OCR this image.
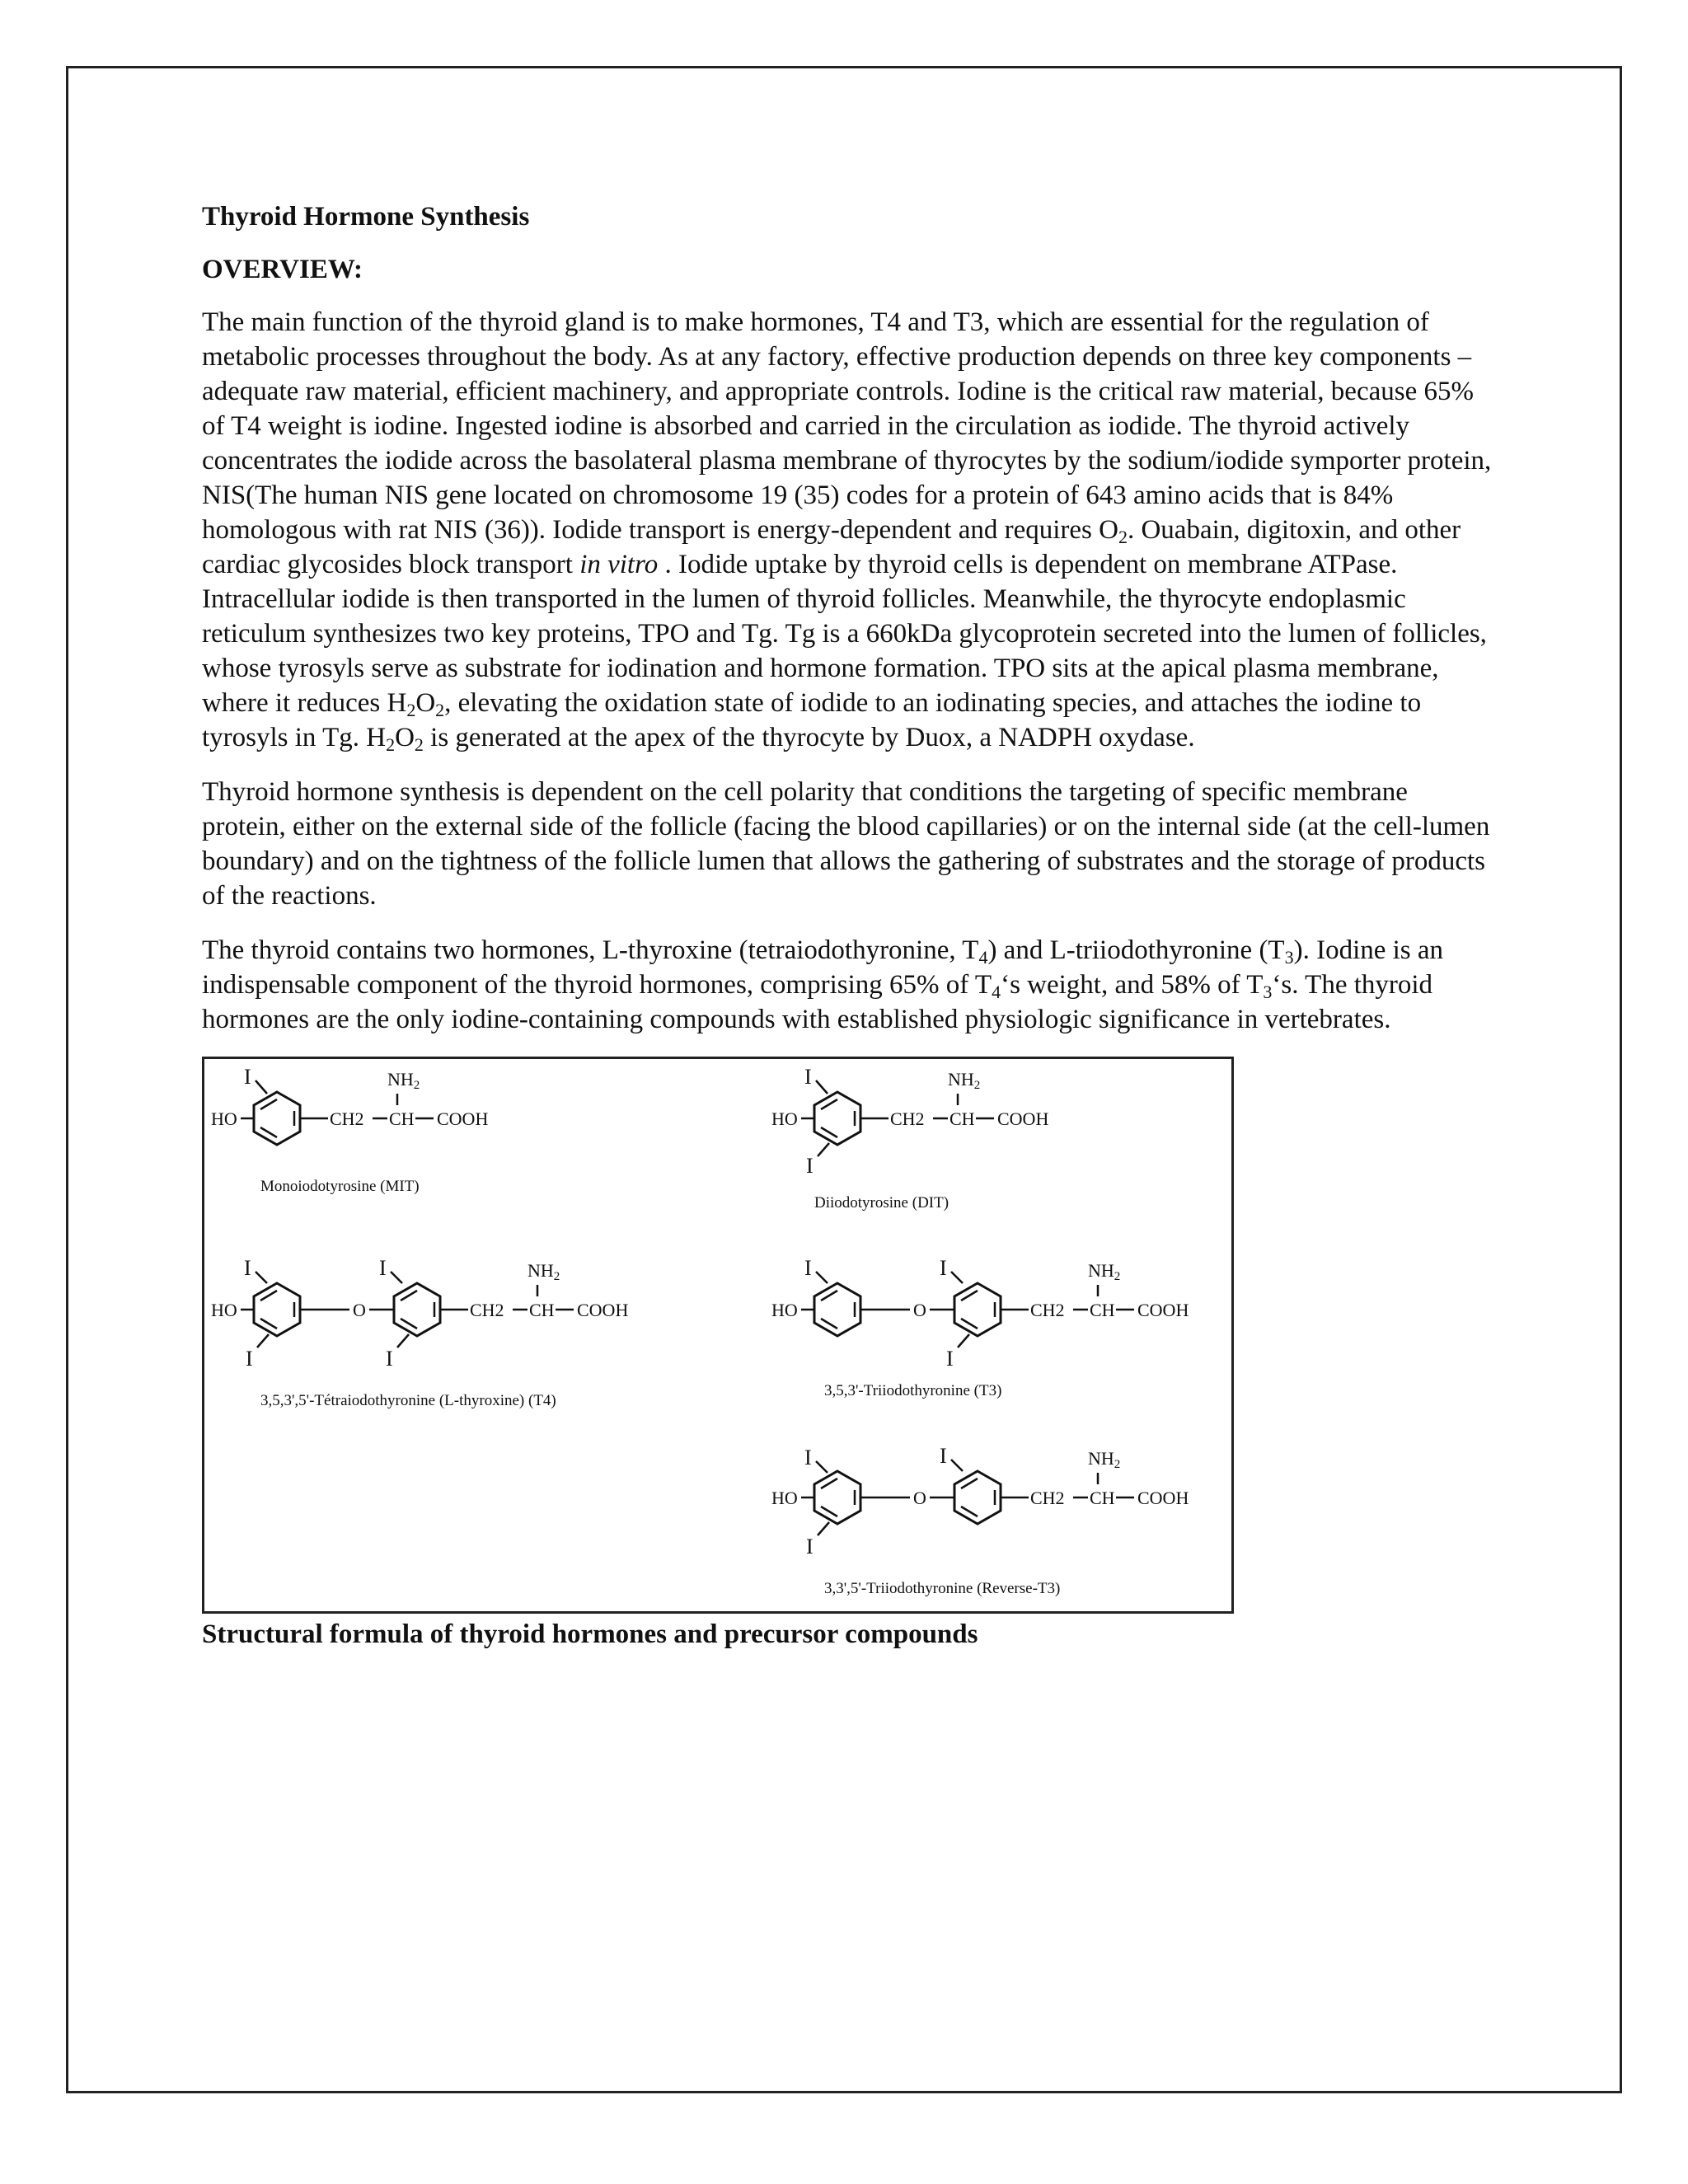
Thyroid Hormone Synthesis
OVERVIEW:

The main function of the thyroid gland is to make hormones, T4 and T3, which are essential for the regulation of metabolic processes throughout the body. As at any factory, effective production depends on three key components – adequate raw material, efficient machinery, and appropriate controls. Iodine is the critical raw material, because 65% of T4 weight is iodine. Ingested iodine is absorbed and carried in the circulation as iodide. The thyroid actively concentrates the iodide across the basolateral plasma membrane of thyrocytes by the sodium/iodide symporter protein, NIS(The human NIS gene located on chromosome 19 (35) codes for a protein of 643 amino acids that is 84% homologous with rat NIS (36)). Iodide transport is energy-dependent and requires $O_2$. Ouabain, digitoxin, and other cardiac glycosides block transport in vitro . Iodide uptake by thyroid cells is dependent on membrane ATPase. Intracellular iodide is then transported in the lumen of thyroid follicles. Meanwhile, the thyrocyte endoplasmic reticulum synthesizes two key proteins, TPO and Tg. Tg is a 660kDa glycoprotein secreted into the lumen of follicles, whose tyrosyls serve as substrate for iodination and hormone formation. TPO sits at the apical plasma membrane, where it reduces $H_2O_2$, elevating the oxidation state of iodide to an iodinating species, and attaches the iodine to tyrosyls in Tg. $H_2O_2$ is generated at the apex of the thyrocyte by Duox, a NADPH oxydase.

Thyroid hormone synthesis is dependent on the cell polarity that conditions the targeting of specific membrane protein, either on the external side of the follicle (facing the blood capillaries) or on the internal side (at the cell-lumen boundary) and on the tightness of the follicle lumen that allows the gathering of substrates and the storage of products of the reactions.

The thyroid contains two hormones, L-thyroxine (tetraiodothyronine, $T_4$) and L-triiodothyronine $(T_3)$. Iodine is an indispensable component of the thyroid hormones, comprising 65% of $T_4‘s$ weight, and 58% of $T_3‘s$. The thyroid hormones are the only iodine-containing compounds with established physiologic significance in vertebrates.

I
HO	CH2 CH
NH2
COOH
Monoiodotyrosine (MIT)
I
HO
I
CH2 CH
NH2
COOH
Diiodotyrosine (DIT)
I
HO
I
O
I
I
CH2 CH
NH2
COOH
3,5,3',5'-Tétraiodothyronine (L-thyroxine) (T4)
I
HO	O
I
I
CH2 CH
NH2
COOH
3,5,3'-Triiodothyronine (T3)
I
HO
I
O
I
CH2 CH
NH2
COOH
3,3',5'-Triiodothyronine (Reverse-T3)
Structural formula of thyroid hormones and precursor compounds
